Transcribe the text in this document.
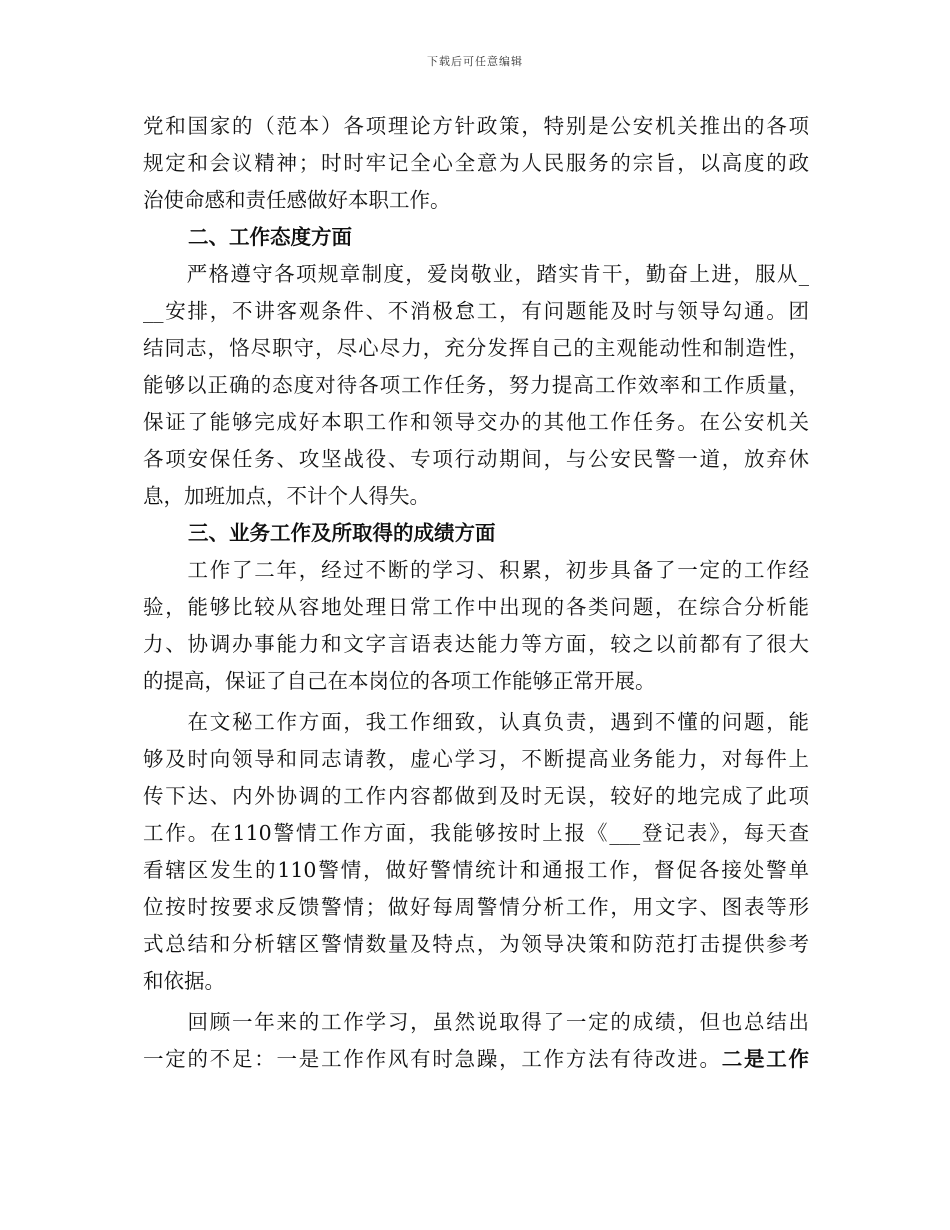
下载后可任意编辑
党和国家的（范本）各项理论方针政策，特别是公安机关推出的各项
规定和会议精神；时时牢记全心全意为人民服务的宗旨，以高度的政
治使命感和责任感做好本职工作。
二、工作态度方面
　　严格遵守各项规章制度，爱岗敬业，踏实肯干，勤奋上进，服从_
__安排，不讲客观条件、不消极怠工，有问题能及时与领导勾通。团
结同志，恪尽职守，尽心尽力，充分发挥自己的主观能动性和制造性，
能够以正确的态度对待各项工作任务，努力提高工作效率和工作质量，
保证了能够完成好本职工作和领导交办的其他工作任务。在公安机关
各项安保任务、攻坚战役、专项行动期间，与公安民警一道，放弃休
息，加班加点，不计个人得失。
三、业务工作及所取得的成绩方面
　　工作了二年，经过不断的学习、积累，初步具备了一定的工作经
验，能够比较从容地处理日常工作中出现的各类问题，在综合分析能
力、协调办事能力和文字言语表达能力等方面，较之以前都有了很大
的提高，保证了自己在本岗位的各项工作能够正常开展。
　　在文秘工作方面，我工作细致，认真负责，遇到不懂的问题，能
够及时向领导和同志请教，虚心学习，不断提高业务能力，对每件上
传下达、内外协调的工作内容都做到及时无误，较好的地完成了此项
工作。在110警情工作方面，我能够按时上报《___登记表》，每天查
看辖区发生的110警情，做好警情统计和通报工作，督促各接处警单
位按时按要求反馈警情；做好每周警情分析工作，用文字、图表等形
式总结和分析辖区警情数量及特点，为领导决策和防范打击提供参考
和依据。
　　回顾一年来的工作学习，虽然说取得了一定的成绩，但也总结出
一定的不足：一是工作作风有时急躁，工作方法有待改进。二是工作
